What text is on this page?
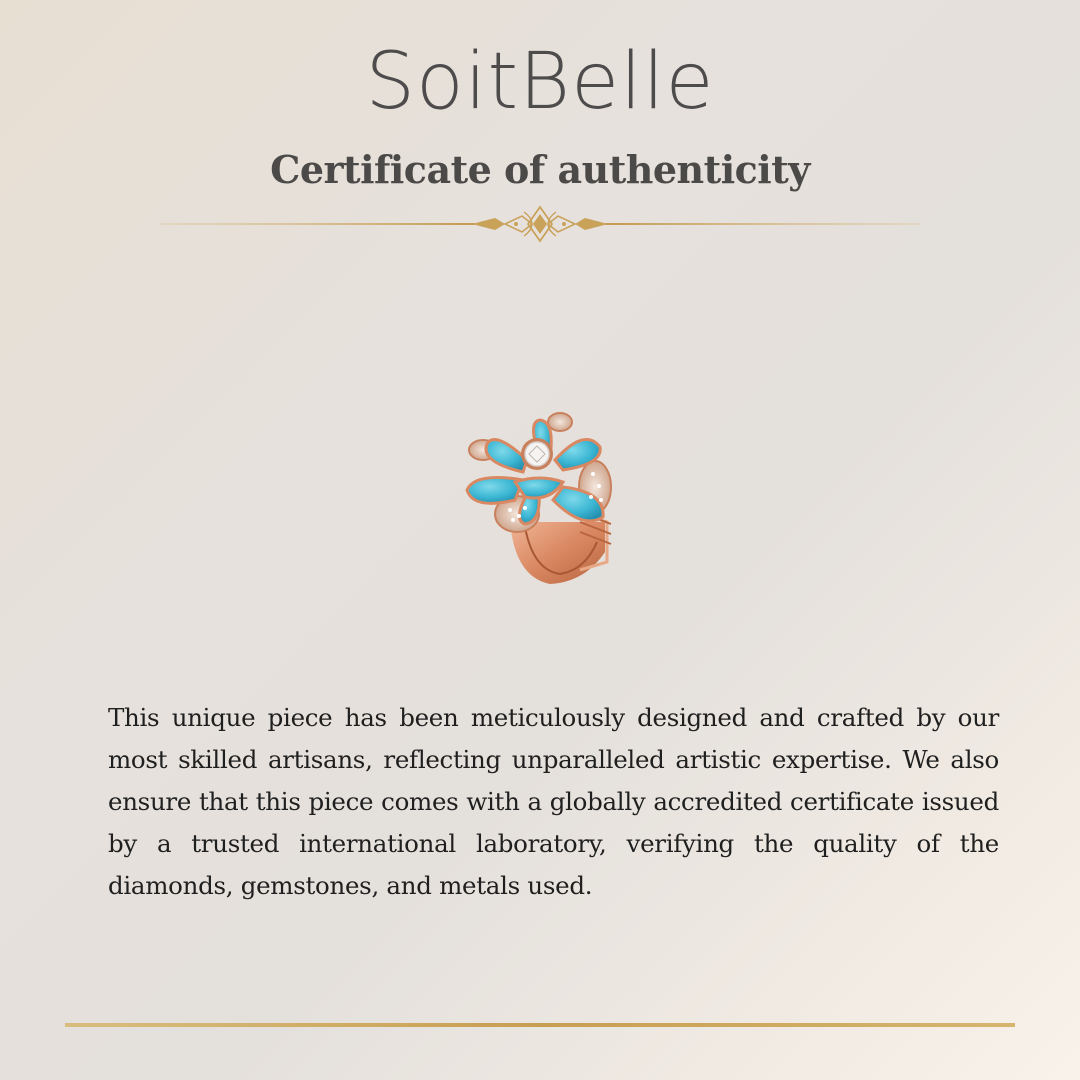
SoitBelle
Certificate of authenticity

This unique piece has been meticulously designed and crafted by our most skilled artisans, reflecting unparalleled artistic expertise. We also ensure that this piece comes with a globally accredited certificate issued by a trusted international laboratory, verifying the quality of the diamonds, gemstones, and metals used.
